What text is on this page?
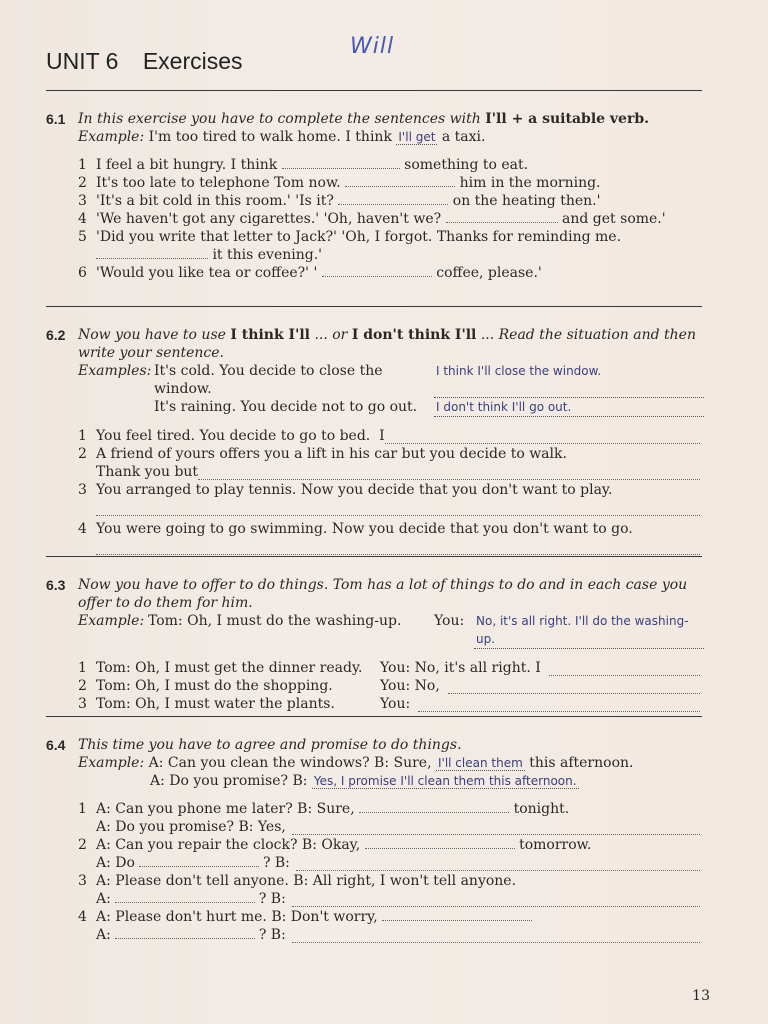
UNIT 6 Exercises
Will
6.1 In this exercise you have to complete the sentences with I'll + a suitable verb.
Example: I'm too tired to walk home. I think I'll get a taxi.
1 I feel a bit hungry. I think	something to eat.
2 It's too late to telephone Tom now.	him in the morning.
3 'It's a bit cold in this room.' 'Is it?	on the heating then.'
4 'We haven't got any cigarettes.' 'Oh, haven't we?	and get some.'
5 'Did you write that letter to Jack?' 'Oh, I forgot. Thanks for reminding me.
it this evening.'
6 'Would you like tea or coffee?' '	coffee, please.'
6.2 Now you have to use I think I'll ... or I don't think I'll ... Read the situation and then write your sentence.
Examples: It's cold. You decide to close the window.
I think I'll close the window.
It's raining. You decide not to go out.	I don't think I'll go out.
1 You feel tired. You decide to go to bed.
I
2 A friend of yours offers you a lift in his car but you decide to walk.
Thank you but
3 You arranged to play tennis. Now you decide that you don't want to play.
4 You were going to go swimming. Now you decide that you don't want to go.
6.3 Now you have to offer to do things. Tom has a lot of things to do and in each case you offer to do them for him.
Example: Tom: Oh, I must do the washing-up.	You: No, it's all right. I'll do the washing-up.
1 Tom: Oh, I must get the dinner ready.	You: No, it's all right. I
2 Tom: Oh, I must do the shopping.	You: No,
3 Tom: Oh, I must water the plants.	You:
6.4 This time you have to agree and promise to do things.
Example: A: Can you clean the windows? B: Sure, I'll clean them this afternoon.
A: Do you promise? B: Yes, I promise I'll clean them this afternoon.
1 A: Can you phone me later? B: Sure,	tonight.
A: Do you promise? B: Yes,
2 A: Can you repair the clock? B: Okay,	tomorrow.
A: Do	? B:
3 A: Please don't tell anyone. B: All right, I won't tell anyone.
A:	? B:
4 A: Please don't hurt me. B: Don't worry,
A:	? B:
13
